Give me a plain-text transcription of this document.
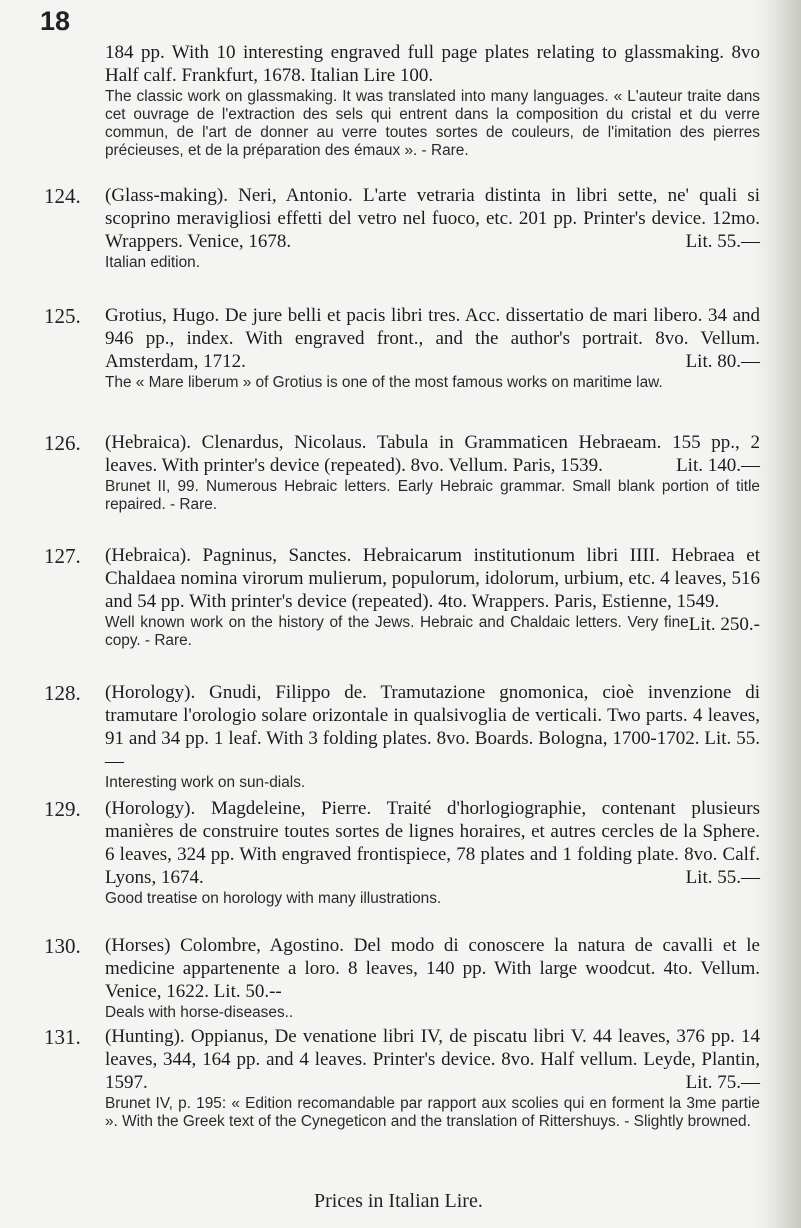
18
184 pp. With 10 interesting engraved full page plates relating to glassmaking. 8vo Half calf. Frankfurt, 1678. Italian Lire 100.
The classic work on glassmaking. It was translated into many languages. « L'auteur traite dans cet ouvrage de l'extraction des sels qui entrent dans la composition du cristal et du verre commun, de l'art de donner au verre toutes sortes de couleurs, de l'imitation des pierres précieuses, et de la préparation des émaux ». - Rare.
124. (Glass-making). Neri, Antonio. L'arte vetraria distinta in libri sette, ne' quali si scoprino meravigliosi effetti del vetro nel fuoco, etc. 201 pp. Printer's device. 12mo. Wrappers. Venice, 1678.	Lit. 55.—
Italian edition.
125. Grotius, Hugo. De jure belli et pacis libri tres. Acc. dissertatio de mari libero. 34 and 946 pp., index. With engraved front., and the author's portrait. 8vo. Vellum. Amsterdam, 1712.	Lit. 80.—
The « Mare liberum » of Grotius is one of the most famous works on maritime law.
126. (Hebraica). Clenardus, Nicolaus. Tabula in Grammaticen Hebraeam. 155 pp., 2 leaves. With printer's device (repeated). 8vo. Vellum. Paris, 1539.	Lit. 140.—
Brunet II, 99. Numerous Hebraic letters. Early Hebraic grammar. Small blank portion of title repaired. - Rare.
127. (Hebraica). Pagninus, Sanctes. Hebraicarum institutionum libri IIII. Hebraea et Chaldaea nomina virorum mulierum, populorum, idolorum, urbium, etc. 4 leaves, 516 and 54 pp. With printer's device (repeated). 4to. Wrappers. Paris, Estienne, 1549.
Lit. 250.-
Well known work on the history of the Jews. Hebraic and Chaldaic letters. Very fine copy. - Rare.
128. (Horology). Gnudi, Filippo de. Tramutazione gnomonica, cioè invenzione di tramutare l'orologio solare orizontale in qualsivoglia de verticali. Two parts. 4 leaves, 91 and 34 pp. 1 leaf. With 3 folding plates. 8vo. Boards. Bologna, 1700-1702. Lit. 55.—
Interesting work on sun-dials.
129. (Horology). Magdeleine, Pierre. Traité d'horlogiographie, contenant plusieurs manières de construire toutes sortes de lignes horaires, et autres cercles de la Sphere. 6 leaves, 324 pp. With engraved frontispiece, 78 plates and 1 folding plate. 8vo. Calf. Lyons, 1674.	Lit. 55.—
Good treatise on horology with many illustrations.
130. (Horses) Colombre, Agostino. Del modo di conoscere la natura de cavalli et le medicine appartenente a loro. 8 leaves, 140 pp. With large woodcut. 4to. Vellum. Venice, 1622. Lit. 50.--
Deals with horse-diseases..
131. (Hunting). Oppianus, De venatione libri IV, de piscatu libri V. 44 leaves, 376 pp. 14 leaves, 344, 164 pp. and 4 leaves. Printer's device. 8vo. Half vellum. Leyde, Plantin, 1597.	Lit. 75.—
Brunet IV, p. 195: « Edition recomandable par rapport aux scolies qui en forment la 3me partie ». With the Greek text of the Cynegeticon and the translation of Rittershuys. - Slightly browned.
Prices in Italian Lire.
